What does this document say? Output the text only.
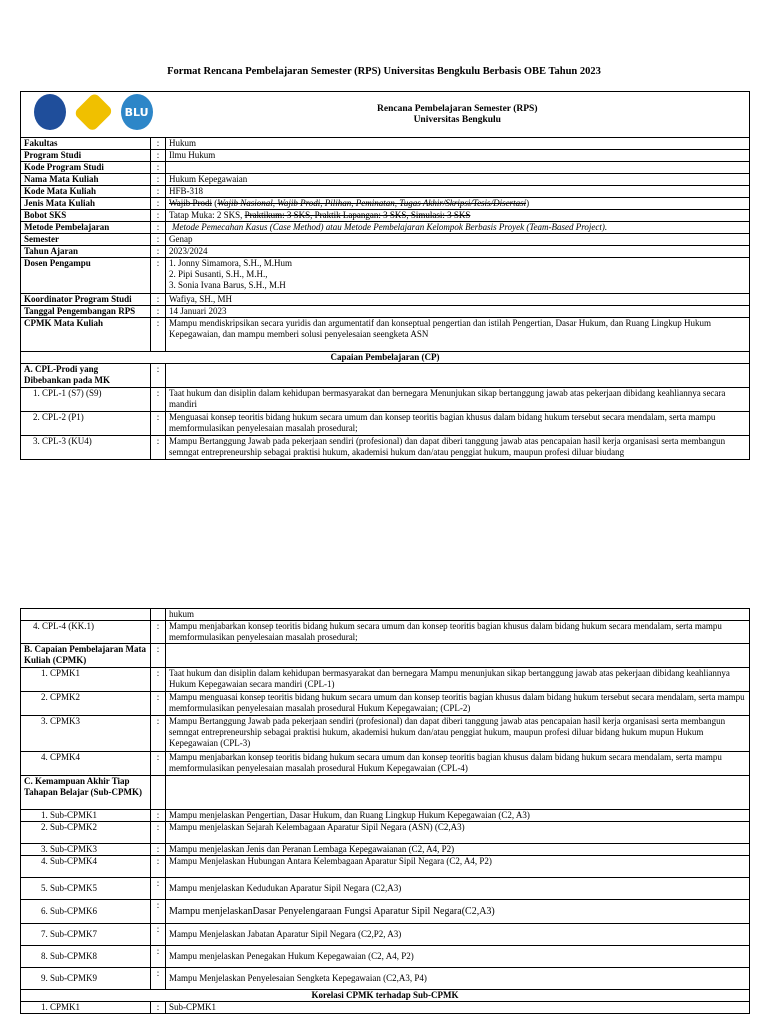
Format Rencana Pembelajaran Semester (RPS) Universitas Bengkulu Berbasis OBE Tahun 2023
BLU		Rencana Pembelajaran Semester (RPS)
Universitas Bengkulu

Fakultas	:	Hukum
Program Studi	:	Ilmu Hukum
Kode Program Studi	:	
Nama Mata Kuliah	:	Hukum Kepegawaian
Kode Mata Kuliah	:	HFB-318
Jenis Mata Kuliah	:	Wajib Prodi (Wajib Nasional, Wajib Prodi, Pilihan, Peminatan, Tugas Akhir/Skripsi/Tesis/Disertasi)
Bobot SKS	:	Tatap Muka: 2 SKS, Praktikum: 3 SKS, Praktik Lapangan: 3 SKS, Simulasi: 3 SKS
Metode Pembelajaran	:	Metode Pemecahan Kasus (Case Method) atau Metode Pembelajaran Kelompok Berbasis Proyek (Team-Based Project).
Semester	:	Genap
Tahun Ajaran	:	2023/2024
Dosen Pengampu	:	1. Jonny Simamora, S.H., M.Hum
2. Pipi Susanti, S.H., M.H.,
3. Sonia Ivana Barus, S.H., M.H

Koordinator Program Studi	:	Wafiya, SH., MH
Tanggal Pengembangan RPS	:	14 Januari 2023
CPMK Mata Kuliah	:	Mampu mendiskripsikan secara yuridis dan argumentatif dan konseptual pengertian dan istilah Pengertian, Dasar Hukum, dan Ruang Lingkup Hukum Kepegawaian, dan mampu memberi solusi penyelesaian seengketa ASN
Capaian Pembelajaran (CP)		
A. CPL-Prodi yang Dibebankan pada MK	:	
1. CPL-1 (S7) (S9)	:	Taat hukum dan disiplin dalam kehidupan bermasyarakat dan bernegara Menunjukan sikap bertanggung jawab atas pekerjaan dibidang keahliannya secara mandiri
2. CPL-2 (P1)	:	Menguasai konsep teoritis bidang hukum secara umum dan konsep teoritis bagian khusus dalam bidang hukum tersebut secara mendalam, serta mampu memformulasikan penyelesaian masalah prosedural;
3. CPL-3 (KU4)	:	Mampu Bertanggung Jawab pada pekerjaan sendiri (profesional) dan dapat diberi tanggung jawab atas pencapaian hasil kerja organisasi serta membangun semngat entrepreneurship sebagai praktisi hukum, akademisi hukum dan/atau penggiat hukum, maupun profesi diluar biudang
		hukum
4. CPL-4 (KK.1)	:	Mampu menjabarkan konsep teoritis bidang hukum secara umum dan konsep teoritis bagian khusus dalam bidang hukum secara mendalam, serta mampu memformulasikan penyelesaian masalah prosedural;
B. Capaian Pembelajaran Mata Kuliah (CPMK)	:	
1. CPMK1	:	Taat hukum dan disiplin dalam kehidupan bermasyarakat dan bernegara Mampu menunjukan sikap bertanggung jawab atas pekerjaan dibidang keahliannya Hukum Kepegawaian secara mandiri (CPL-1)
2. CPMK2	:	Mampu menguasai konsep teoritis bidang hukum secara umum dan konsep teoritis bagian khusus dalam bidang hukum tersebut secara mendalam, serta mampu memformulasikan penyelesaian masalah prosedural Hukum Kepegawaian; (CPL-2)
3. CPMK3	:	Mampu Bertanggung Jawab pada pekerjaan sendiri (profesional) dan dapat diberi tanggung jawab atas pencapaian hasil kerja organisasi serta membangun semngat entrepreneurship sebagai praktisi hukum, akademisi hukum dan/atau penggiat hukum, maupun profesi diluar bidang hukum mupun Hukum Kepegawaian (CPL-3)
4. CPMK4	:	Mampu menjabarkan konsep teoritis bidang hukum secara umum dan konsep teoritis bagian khusus dalam bidang hukum secara mendalam, serta mampu memformulasikan penyelesaian masalah prosedural Hukum Kepegawaian (CPL-4)
C. Kemampuan Akhir Tiap Tahapan Belajar (Sub-CPMK)		
1. Sub-CPMK1	:	Mampu menjelaskan Pengertian, Dasar Hukum, dan Ruang Lingkup Hukum Kepegawaian (C2, A3)
2. Sub-CPMK2	:	Mampu menjelaskan Sejarah Kelembagaan Aparatur Sipil Negara (ASN) (C2,A3)
3. Sub-CPMK3	:	Mampu menjelaskan Jenis dan Peranan Lembaga Kepegawaianan (C2, A4, P2)
4. Sub-CPMK4	:	Mampu Menjelaskan Hubungan Antara Kelembagaan Aparatur Sipil Negara (C2, A4, P2)
5. Sub-CPMK5	:	Mampu menjelaskan Kedudukan Aparatur Sipil Negara (C2,A3)
6. Sub-CPMK6	:	Mampu menjelaskanDasar Penyelengaraan Fungsi Aparatur Sipil Negara(C2,A3)
7. Sub-CPMK7	:	Mampu Menjelaskan Jabatan Aparatur Sipil Negara (C2,P2, A3)
8. Sub-CPMK8	:	Mampu menjelaskan Penegakan Hukum Kepegawaian (C2, A4, P2)
9. Sub-CPMK9	:	Mampu Menjelaskan Penyelesaian Sengketa Kepegawaian (C2,A3, P4)
Korelasi CPMK terhadap Sub-CPMK		
1. CPMK1	:	Sub-CPMK1
